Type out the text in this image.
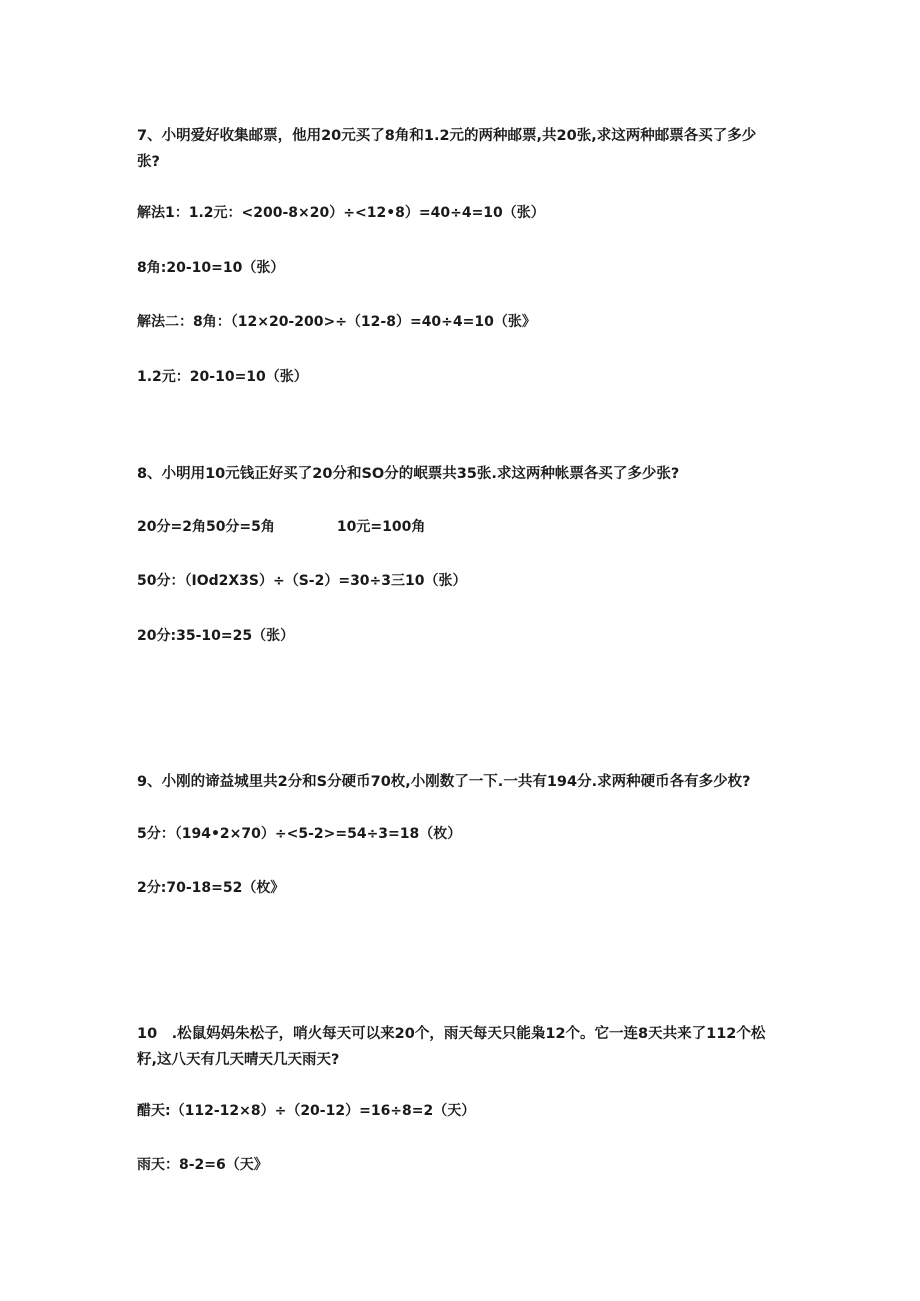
7、小明爱好收集邮票，他用20元买了8角和1.2元的两种邮票,共20张,求这两种邮票各买了多少
张?
解法1：1.2元：<200-8×20）÷<12•8）=40÷4=10（张）
8角:20-10=10（张）
解法二：8角：（12×20-200>÷（12-8）=40÷4=10（张》
1.2元：20-10=10（张）
8、小明用10元钱正好买了20分和SO分的岷票共35张.求这两种帐票各买了多少张?
20分=2角50分=5角	10元=100角
50分：（IOd2X3S）÷（S-2）=30÷3三10（张）
20分:35-10=25（张）
9、小刚的谛益城里共2分和S分硬币70枚,小刚数了一下.一共有194分.求两种硬币各有多少枚?
5分：（194•2×70）÷<5-2>=54÷3=18（枚）
2分:70-18=52（枚》
10　.松鼠妈妈朱松子，哨火每天可以来20个，雨天每天只能枭12个。它一连8天共来了112个松
籽,这八天有几天晴天几天雨天?
醋天:（112-12×8）÷（20-12）=16÷8=2（天）
雨天：8-2=6（天》
